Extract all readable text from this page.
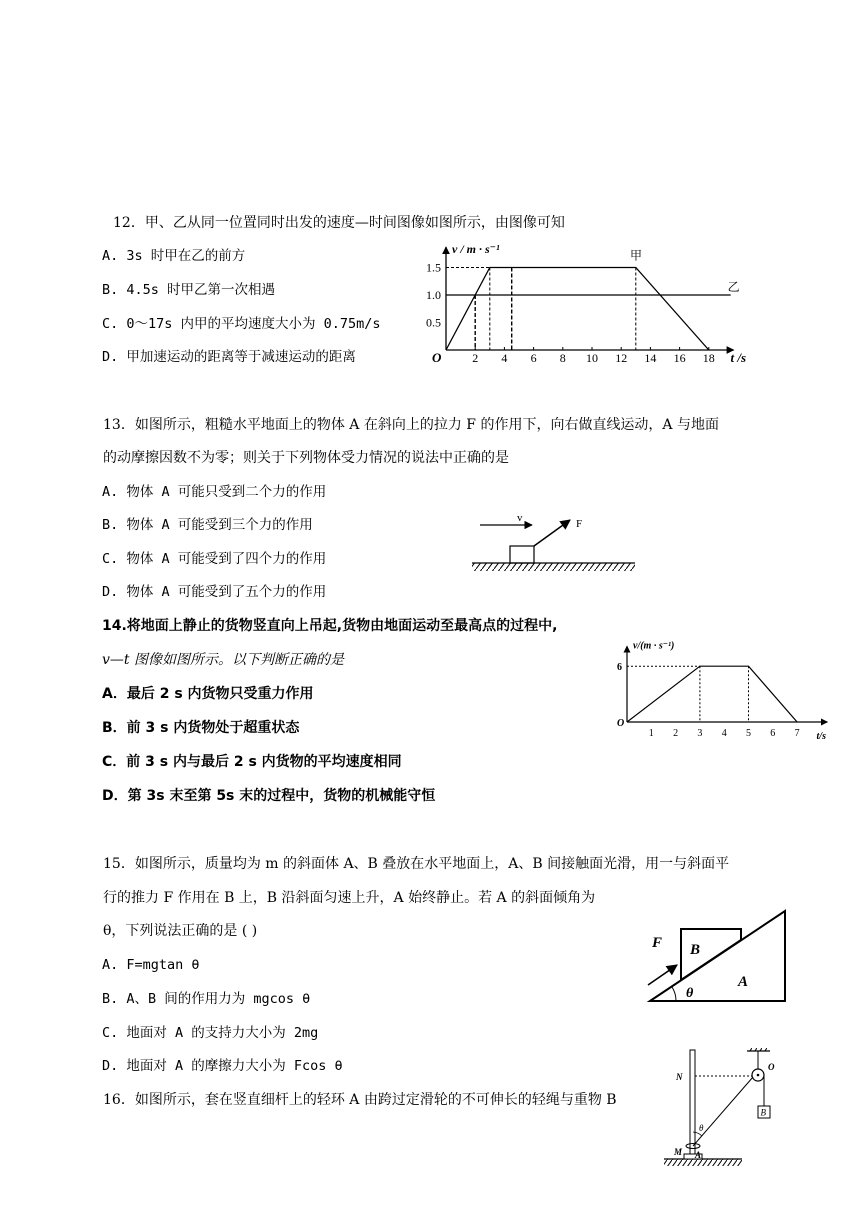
12．甲、乙从同一位置同时出发的速度—时间图像如图所示，由图像可知
A. 3s 时甲在乙的前方
B. 4.5s 时甲乙第一次相遇
C. 0～17s 内甲的平均速度大小为 0.75m/s
D. 甲加速运动的距离等于减速运动的距离
v / m · s⁻¹
t /s
O	2 4 6 8 10 12 14 16 18
0.5
1.0
1.5
甲
乙
13．如图所示，粗糙水平地面上的物体 A 在斜向上的拉力 F 的作用下，向右做直线运动，A 与地面
的动摩擦因数不为零；则关于下列物体受力情况的说法中正确的是
A. 物体 A 可能只受到二个力的作用
B. 物体 A 可能受到三个力的作用
C. 物体 A 可能受到了四个力的作用
D. 物体 A 可能受到了五个力的作用
v	F
14.将地面上静止的货物竖直向上吊起,货物由地面运动至最高点的过程中,
v—t 图像如图所示。以下判断正确的是
A．最后 2 s 内货物只受重力作用
B．前 3 s 内货物处于超重状态
C．前 3 s 内与最后 2 s 内货物的平均速度相同
D．第 3s 末至第 5s 末的过程中，货物的机械能守恒
v/(m · s⁻¹)
t/s
O
1 2 3 4 5 6 7
6
15．如图所示，质量均为 m 的斜面体 A、B 叠放在水平地面上，A、B 间接触面光滑，用一与斜面平
行的推力 F 作用在 B 上，B 沿斜面匀速上升，A 始终静止。若 A 的斜面倾角为
θ，下列说法正确的是 ( )
A. F=mgtan θ
B. A、B 间的作用力为 mgcos θ
C. 地面对 A 的支持力大小为 2mg
D. 地面对 A 的摩擦力大小为 Fcos θ
F B
A
θ
16．如图所示，套在竖直细杆上的轻环 A 由跨过定滑轮的不可伸长的轻绳与重物 B
B
θ
N
O
M A
